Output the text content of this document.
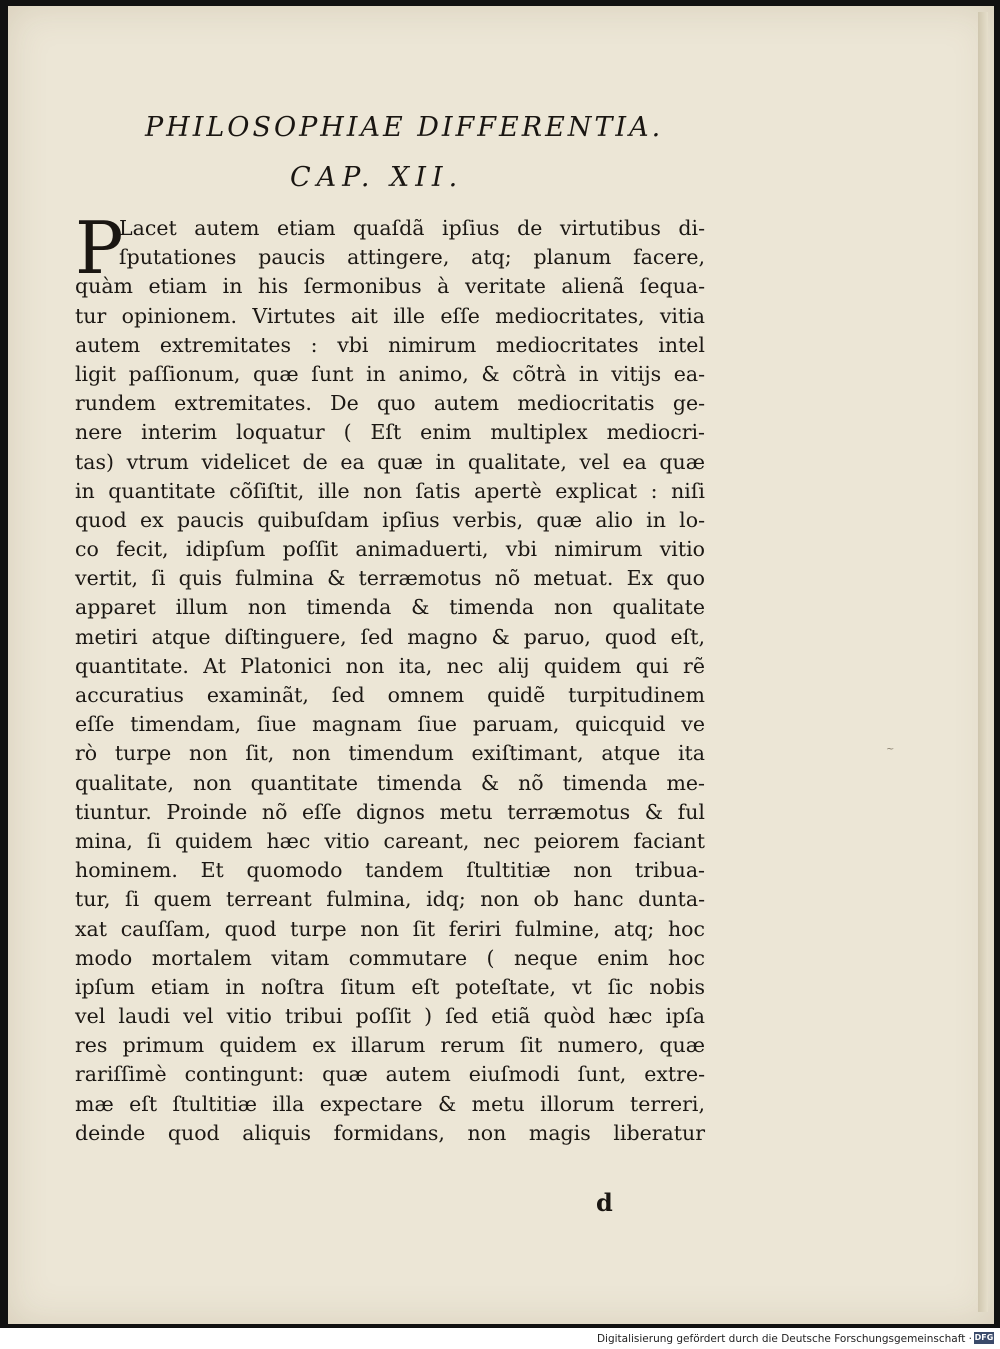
PHILOSOPHIAE DIFFERENTIA.
CAP. XII.
P
Lacet autem etiam quaſdã ipſius de virtutibus di-
ſputationes paucis attingere, atq; planum facere,
quàm etiam in his ſermonibus à veritate alienã ſequa-
tur opinionem. Virtutes ait ille eſſe mediocritates, vitia
autem extremitates : vbi nimirum mediocritates intel
ligit paſſionum, quæ ſunt in animo, & cõtrà in vitijs ea-
rundem extremitates. De quo autem mediocritatis ge-
nere interim loquatur ( Eſt enim multiplex mediocri-
tas) vtrum videlicet de ea quæ in qualitate, vel ea quæ
in quantitate cõſiſtit, ille non ſatis apertè explicat : niſi
quod ex paucis quibuſdam ipſius verbis, quæ alio in lo-
co fecit, idipſum poſſit animaduerti, vbi nimirum vitio
vertit, ſi quis fulmina & terræmotus nõ metuat. Ex quo
apparet illum non timenda & timenda non qualitate
metiri atque diſtinguere, ſed magno & paruo, quod eſt,
quantitate. At Platonici non ita, nec alij quidem qui rẽ
accuratius examinãt, ſed omnem quidẽ turpitudinem
eſſe timendam, ſiue magnam ſiue paruam, quicquid ve
rò turpe non ſit, non timendum exiſtimant, atque ita
qualitate, non quantitate timenda & nõ timenda me-
tiuntur. Proinde nõ eſſe dignos metu terræmotus & ful
mina, ſi quidem hæc vitio careant, nec peiorem faciant
hominem. Et quomodo tandem ſtultitiæ non tribua-
tur, ſi quem terreant fulmina, idq; non ob hanc dunta-
xat cauſſam, quod turpe non ſit feriri fulmine, atq; hoc
modo mortalem vitam commutare ( neque enim hoc
ipſum etiam in noſtra ſitum eſt poteſtate, vt ſic nobis
vel laudi vel vitio tribui poſſit ) ſed etiã quòd hæc ipſa
res primum quidem ex illarum rerum ſit numero, quæ
rariſſimè contingunt: quæ autem eiuſmodi ſunt, extre-
mæ eſt ſtultitiæ illa expectare & metu illorum terreri,
deinde quod aliquis formidans, non magis liberatur
d
~
Digitalisierung gefördert durch die Deutsche Forschungsgemeinschaft · DFG
